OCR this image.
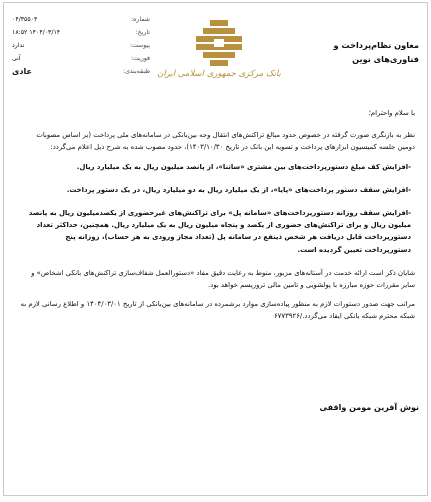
شماره:
۰۴/۳۵۵۰۴
تاریخ:
۱۴۰۴/۰۳/۱۴ ۱۸:۵۲
پیوست:
ندارد
فوریت:
آنی
طبقه‌بندی:
عادی	بانک مرکزی جمهوری اسلامی ایران
معاون نظام‌پرداخت و
فناوری‌های نوین

با سلام واحترام؛

نظر به بازنگری صورت گرفته در خصوص حدود مبالغ تراکنش‌های انتقال وجه بین‌بانکی در سامانه‌های ملی پرداخت (بر اساس مصوبات دومین جلسه کمیسیون ابزارهای پرداخت و تسویه این بانک در تاریخ ۱۴۰۳/۱۰/۳۰)، حدود مصوب شده به شرح ذیل اعلام می‌گردد:

-افزایش کف مبلغ دستورپرداخت‌های بین مشتری «ساتنا»، از پانصد میلیون ریال به یک میلیارد ریال.

-افزایش سقف دستور پرداخت‌های «پایا»، از یک میلیارد ریال به دو میلیارد ریال، در یک دستور پرداخت.

-افزایش سقف روزانه دستورپرداخت‌های «سامانه پل» برای تراکنش‌های غیرحضوری از یکصدمیلیون ریال به پانصد میلیون ریال و برای تراکنش‌های حضوری از یکصد و پنجاه میلیون ریال به یک میلیارد ریال. همچنین، حداکثر تعداد دستورپرداخت قابل دریافت هر شخص ذینفع در سامانه پل (تعداد مجاز ورودی به هر حساب)، روزانه پنج دستورپرداخت تعیین گردیده است.

شایان ذکر است ارائه خدمت در آستانه‌های مزبور، منوط به رعایت دقیق مفاد «دستورالعمل شفاف‌سازی تراکنش‌های بانکی اشخاص» و سایر مقررات حوزه مبارزه با پولشویی و تامین مالی تروریسم خواهد بود.

مراتب جهت صدور دستورات لازم به منظور پیاده‌سازی موارد برشمرده در سامانه‌های بین‌بانکی از تاریخ ۱۴۰۴/۰۳/۰۱ و اطلاع رسانی لازم به شبکه محترم شبکه بانکی ایفاد می‌گردد./۶۷۷۳۹۲۶

نوش آفرین مومن واقفی
